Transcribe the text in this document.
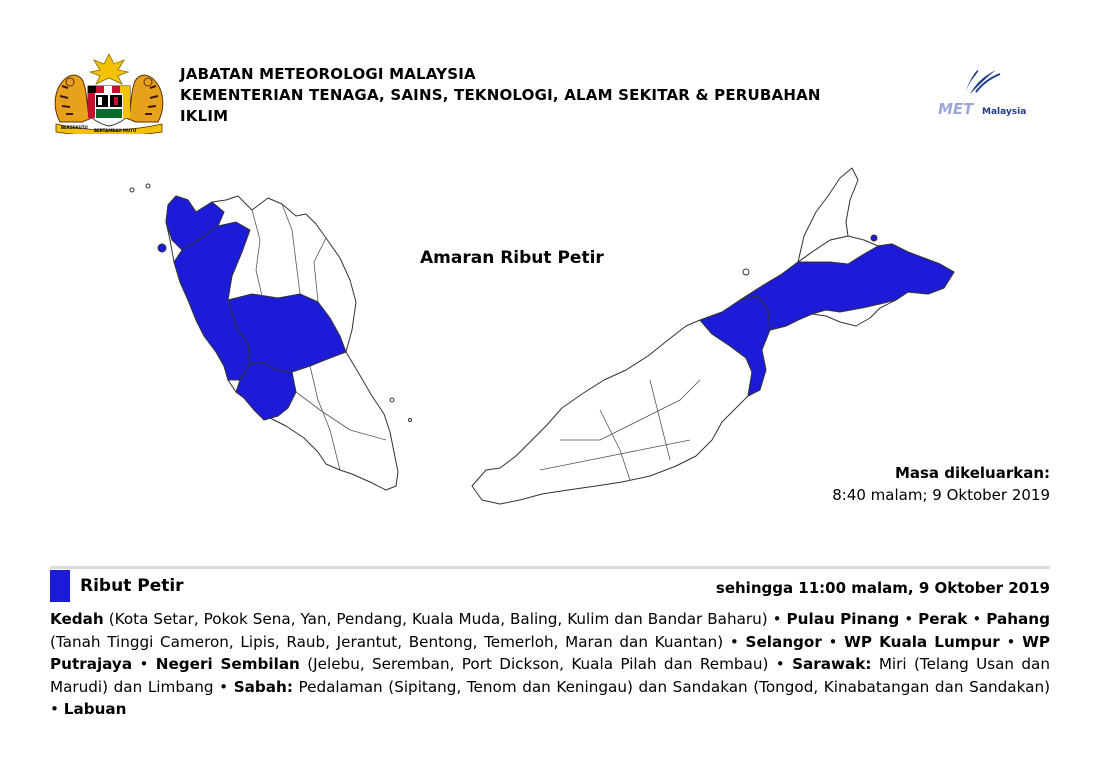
BERSEKUTU
BERTAMBAH MUTU
JABATAN METEOROLOGI MALAYSIA
KEMENTERIAN TENAGA, SAINS, TEKNOLOGI, ALAM SEKITAR & PERUBAHAN
IKLIM	MET Malaysia
Amaran Ribut Petir
Masa dikeluarkan:
8:40 malam; 9 Oktober 2019
Ribut Petir	sehingga 11:00 malam, 9 Oktober 2019
Kedah (Kota Setar, Pokok Sena, Yan, Pendang, Kuala Muda, Baling, Kulim dan Bandar Baharu) • Pulau Pinang • Perak • Pahang (Tanah Tinggi Cameron, Lipis, Raub, Jerantut, Bentong, Temerloh, Maran dan Kuantan) • Selangor • WP Kuala Lumpur • WP Putrajaya • Negeri Sembilan (Jelebu, Seremban, Port Dickson, Kuala Pilah dan Rembau) • Sarawak: Miri (Telang Usan dan Marudi) dan Limbang • Sabah: Pedalaman (Sipitang, Tenom dan Keningau) dan Sandakan (Tongod, Kinabatangan dan Sandakan) • Labuan
